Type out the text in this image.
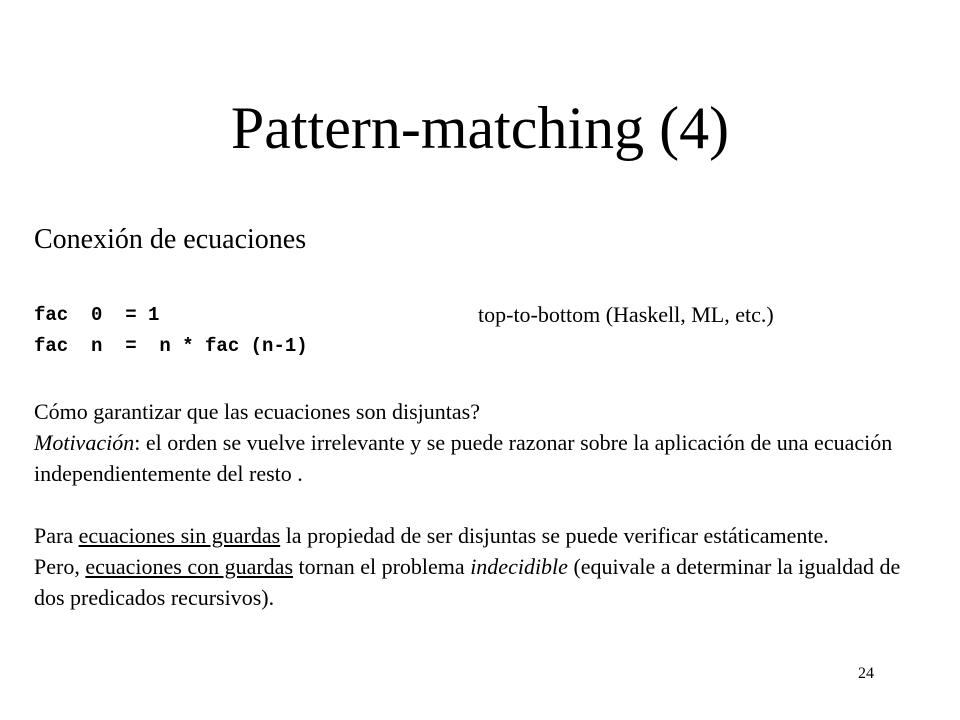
Pattern-matching (4)
Conexión de ecuaciones
fac  0  = 1
fac  n  =  n * fac (n-1)
top-to-bottom (Haskell, ML, etc.)
Cómo garantizar que las ecuaciones son disjuntas?
Motivación: el orden se vuelve irrelevante y se puede razonar sobre la aplicación de una ecuación independientemente del resto .
Para ecuaciones sin guardas la propiedad de ser disjuntas se puede verificar estáticamente.
Pero, ecuaciones con guardas tornan el problema indecidible (equivale a determinar la igualdad de dos predicados recursivos).
24
